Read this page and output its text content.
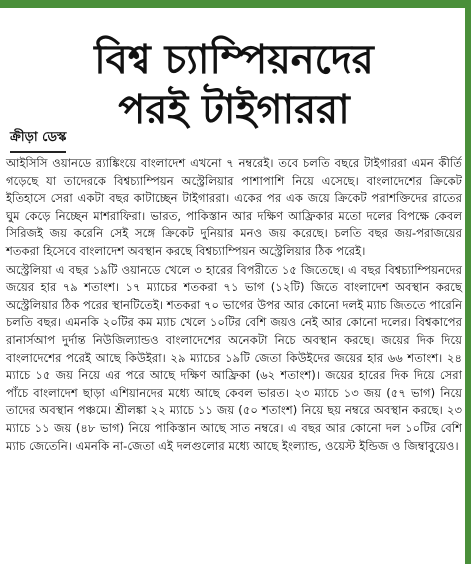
বিশ্ব চ্যাম্পিয়নদের
পরই টাইগাররা
ক্রীড়া ডেস্ক

আইসিসি ওয়ানডে র‍্যাঙ্কিংয়ে বাংলাদেশ এখনো ৭ নম্বরেই। তবে চলতি বছরে টাইগাররা এমন কীর্তি গড়েছে যা তাদেরকে বিশ্বচ্যাম্পিয়ন অস্ট্রেলিয়ার পাশাপাশি নিয়ে এসেছে। বাংলাদেশের ক্রিকেট ইতিহাসে সেরা একটা বছর কাটাচ্ছেন টাইগাররা। একের পর এক জয়ে ক্রিকেট পরাশক্তিদের রাতের ঘুম কেড়ে নিচ্ছেন মাশরাফিরা। ভারত, পাকিস্তান আর দক্ষিণ আফ্রিকার মতো দলের বিপক্ষে কেবল সিরিজই জয় করেনি সেই সঙ্গে ক্রিকেট দুনিয়ার মনও জয় করেছে। চলতি বছর জয়-পরাজয়ের শতকরা হিসেবে বাংলাদেশ অবস্থান করছে বিশ্বচ্যাম্পিয়ন অস্ট্রেলিয়ার ঠিক পরেই।

অস্ট্রেলিয়া এ বছর ১৯টি ওয়ানডে খেলে ৩ হারের বিপরীতে ১৫ জিতেছে। এ বছর বিশ্বচ্যাম্পিয়নদের জয়ের হার ৭৯ শতাংশ। ১৭ ম্যাচের শতকরা ৭১ ভাগ (১২টি) জিতে বাংলাদেশ অবস্থান করছে অস্ট্রেলিয়ার ঠিক পরের স্থানটিতেই। শতকরা ৭০ ভাগের উপর আর কোনো দলই ম্যাচ জিততে পারেনি চলতি বছর। এমনকি ২০টির কম ম্যাচ খেলে ১০টির বেশি জয়ও নেই আর কোনো দলের। বিশ্বকাপের রানার্সআপ দুর্দান্ত নিউজিল্যান্ডও বাংলাদেশের অনেকটা নিচে অবস্থান করছে। জয়ের দিক দিয়ে বাংলাদেশের পরেই আছে কিউইরা। ২৯ ম্যাচের ১৯টি জেতা কিউইদের জয়ের হার ৬৬ শতাংশ। ২৪ ম্যাচে ১৫ জয় নিয়ে এর পরে আছে দক্ষিণ আফ্রিকা (৬২ শতাংশ)। জয়ের হারের দিক দিয়ে সেরা পাঁচে বাংলাদেশ ছাড়া এশিয়ানদের মধ্যে আছে কেবল ভারত। ২৩ ম্যাচে ১৩ জয় (৫৭ ভাগ) নিয়ে তাদের অবস্থান পঞ্চমে। শ্রীলঙ্কা ২২ ম্যাচে ১১ জয় (৫০ শতাংশ) নিয়ে ছয় নম্বরে অবস্থান করছে। ২৩ ম্যাচে ১১ জয় (৪৮ ভাগ) নিয়ে পাকিস্তান আছে সাত নম্বরে। এ বছর আর কোনো দল ১০টির বেশি ম্যাচ জেতেনি। এমনকি না-জেতা এই দলগুলোর মধ্যে আছে ইংল্যান্ড, ওয়েস্ট ইন্ডিজ ও জিম্বাবুয়েও।
